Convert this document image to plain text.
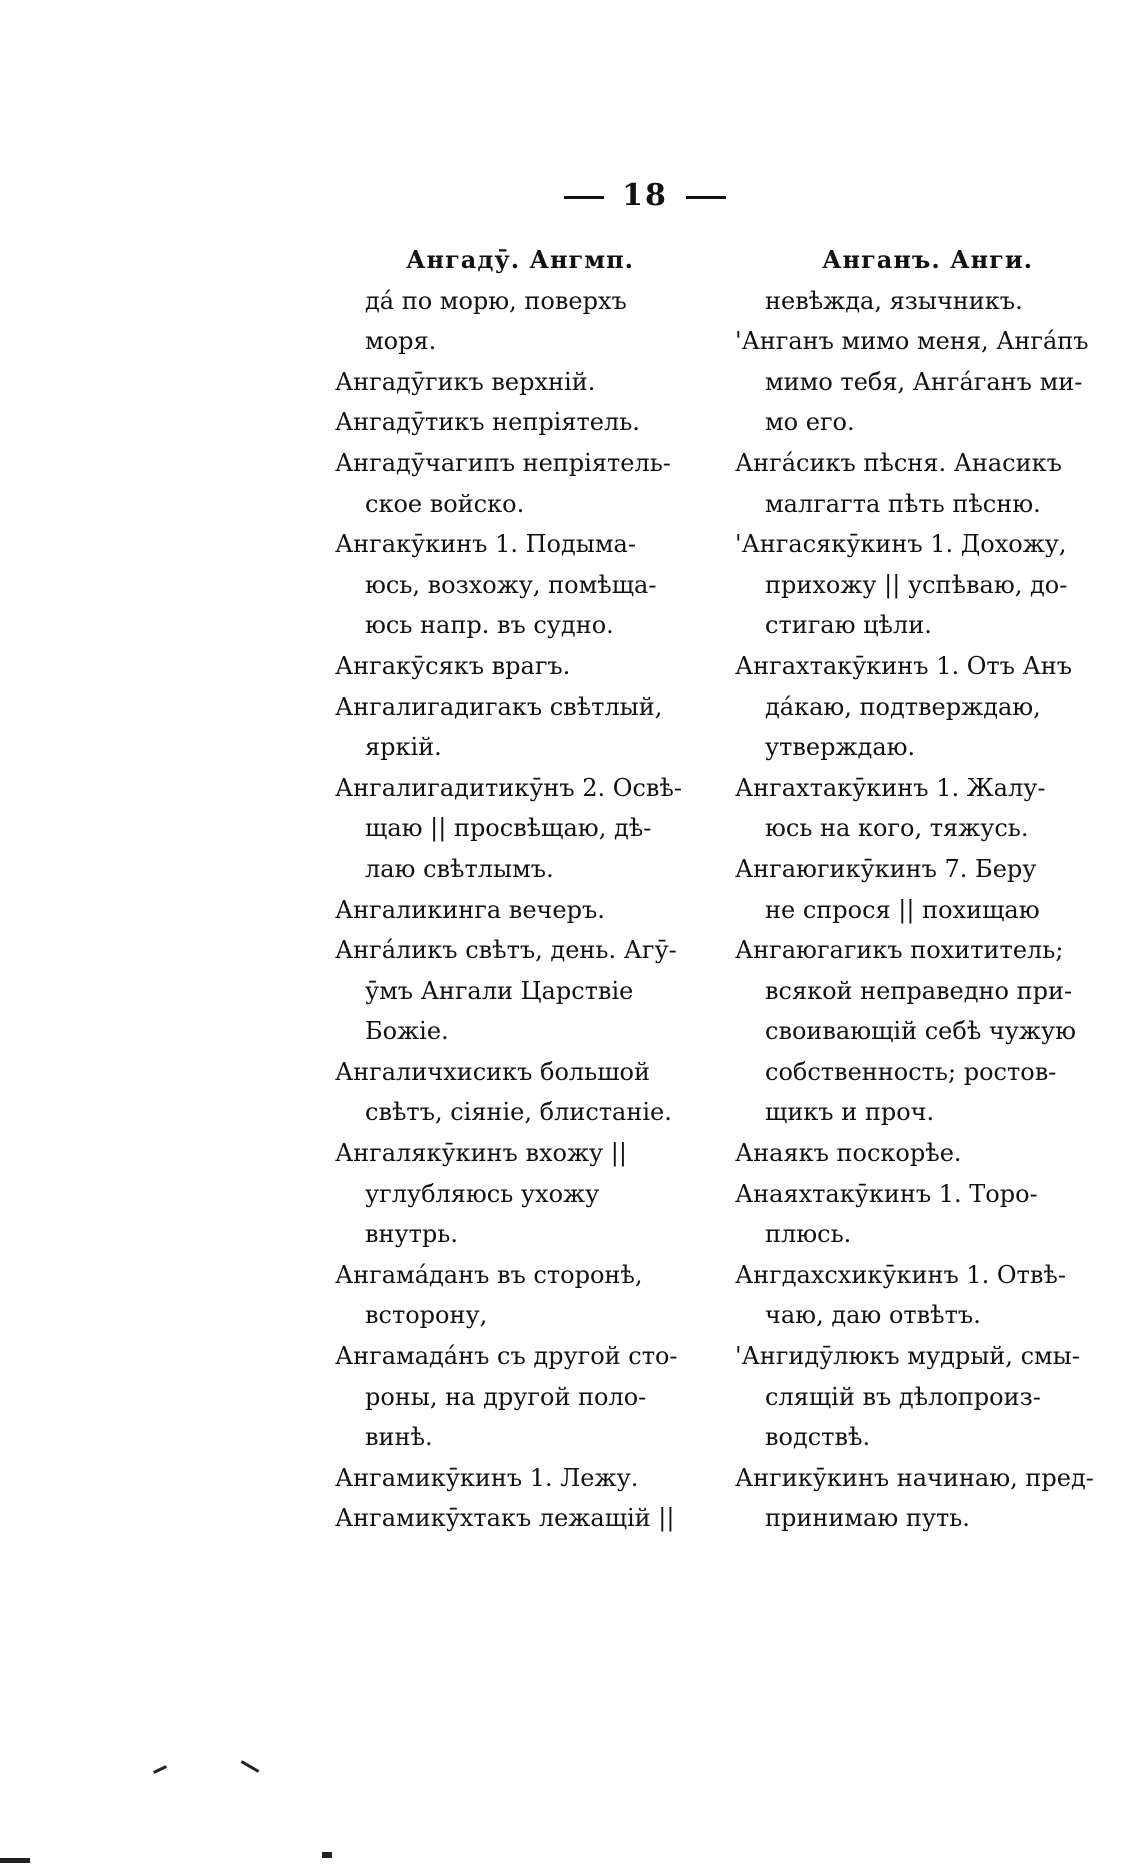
18
Ангадӯ. Ангмп.
да́ по морю, поверхъ
моря.
Ангадӯгикъ верхній.
Ангадӯтикъ непріятель.
Ангадӯчагипъ непріятель-
ское войско.
Ангакӯкинъ 1. Подымa-
юсь, возхожу, помѣща-
юсь напр. въ судно.
Ангакӯсякъ врагъ.
Ангалигадигакъ свѣтлый,
яркій.
Ангалигадитикӯнъ 2. Освѣ-
щаю || просвѣщаю, дѣ-
лаю свѣтлымъ.
Ангаликинга вечеръ.
Анга́ликъ свѣтъ, день. Агӯ-
ӯмъ Ангали Царствіе
Божіе.
Ангаличхисикъ большой
свѣтъ, сіяніе, блистаніе.
Ангалякӯкинъ вхожу ||
углубляюсь ухожу
внутрь.
Ангамáданъ въ сторонѣ,
всторону,
Ангамадáнъ съ другой сто-
роны, на другой поло-
винѣ.
Ангамикӯкинъ 1. Лежу.
Ангамикӯхтакъ лежащій ||
Анганъ. Анги.
невѣжда, язычникъ.
'Анганъ мимо меня, Анга́пъ
мимо тебя, Анга́ганъ ми-
мо его.
Анга́сикъ пѣсня. Анасикъ
малгагта пѣть пѣсню.
'Ангасякӯкинъ 1. Дохожу,
прихожу || успѣваю, до-
стигаю цѣли.
Ангахтакӯкинъ 1. Отъ Анъ
дáкаю, подтверждаю,
утверждаю.
Ангахтакӯкинъ 1. Жалу-
юсь на кого, тяжусь.
Ангаюгикӯкинъ 7. Беру
не спрося || похищаю
Ангаюгагикъ похититель;
всякой неправедно при-
своивающій себѣ чужую
собственность; ростов-
щикъ и проч.
Анаякъ поскорѣе.
Анаяхтакӯкинъ 1. Торо-
плюсь.
Ангдахсхикӯкинъ 1. Отвѣ-
чаю, даю отвѣтъ.
'Ангидӯлюкъ мудрый, смы-
слящій въ дѣлопроиз-
водствѣ.
Ангикӯкинъ начинаю, пред-
принимаю путь.
